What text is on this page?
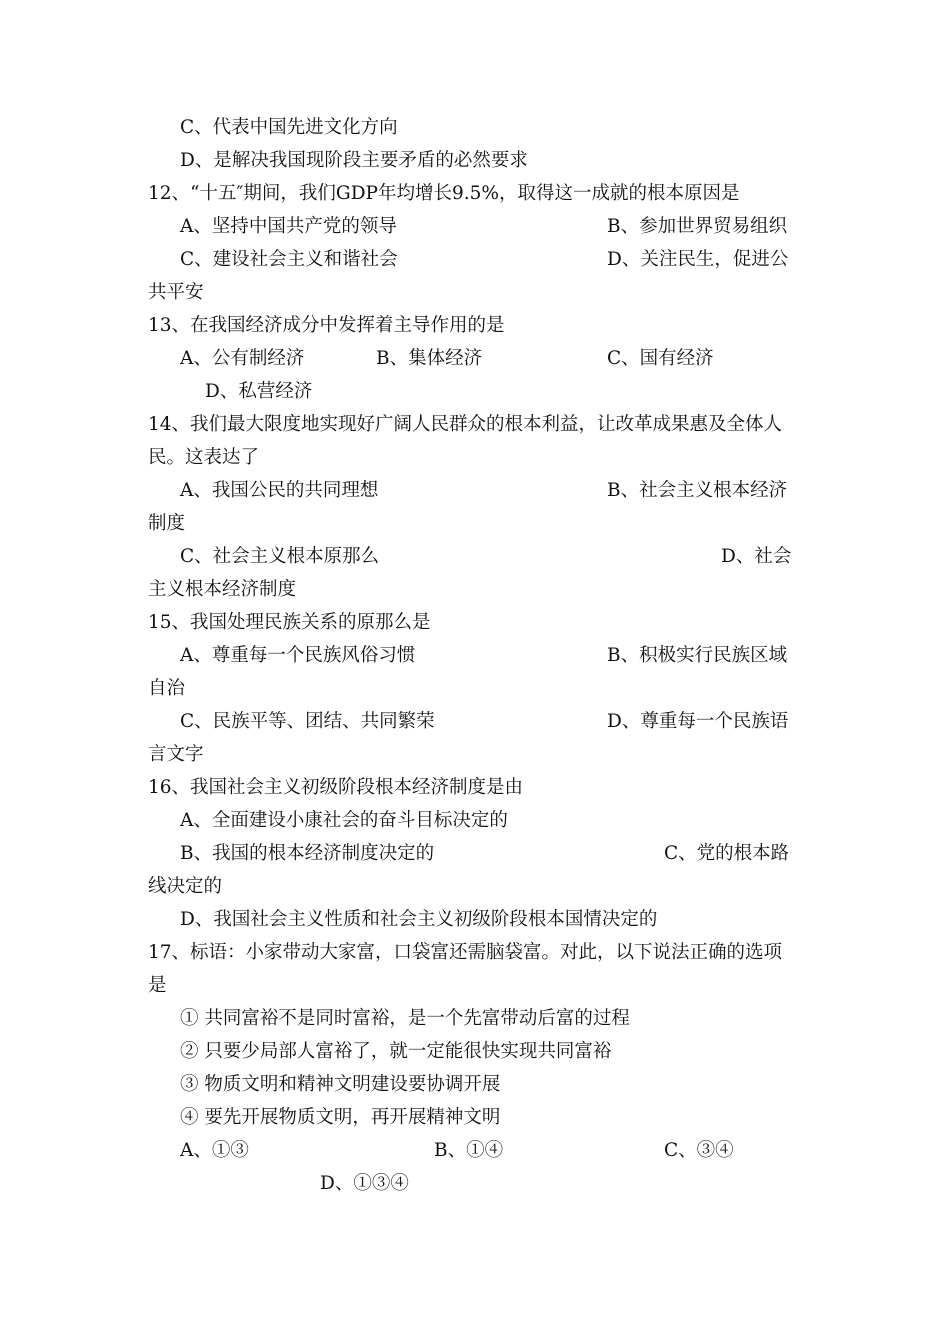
C、代表中国先进文化方向
D、是解决我国现阶段主要矛盾的必然要求
12、“十五″期间，我们GDP年均增长9.5%，取得这一成就的根本原因是
A、坚持中国共产党的领导	B、参加世界贸易组织
C、建设社会主义和谐社会	D、关注民生，促进公
共平安
13、在我国经济成分中发挥着主导作用的是
A、公有制经济	B、集体经济	C、国有经济
D、私营经济
14、我们最大限度地实现好广阔人民群众的根本利益，让改革成果惠及全体人
民。这表达了
A、我国公民的共同理想	B、社会主义根本经济
制度
C、社会主义根本原那么	D、社会
主义根本经济制度
15、我国处理民族关系的原那么是
A、尊重每一个民族风俗习惯	B、积极实行民族区域
自治
C、民族平等、团结、共同繁荣	D、尊重每一个民族语
言文字
16、我国社会主义初级阶段根本经济制度是由
A、全面建设小康社会的奋斗目标决定的
B、我国的根本经济制度决定的	C、党的根本路
线决定的
D、我国社会主义性质和社会主义初级阶段根本国情决定的
17、标语：小家带动大家富，口袋富还需脑袋富。对此，以下说法正确的选项
是
① 共同富裕不是同时富裕，是一个先富带动后富的过程
② 只要少局部人富裕了，就一定能很快实现共同富裕
③ 物质文明和精神文明建设要协调开展
④ 要先开展物质文明，再开展精神文明
A、①③	B、①④	C、③④
D、①③④
